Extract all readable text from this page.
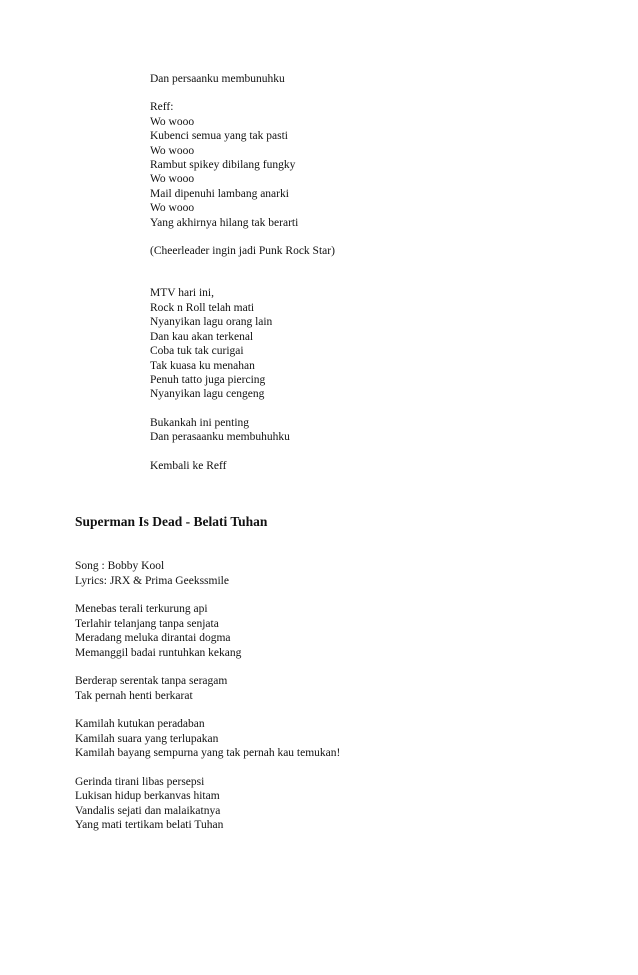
Dan persaanku membunuhku
Reff:
Wo wooo
Kubenci semua yang tak pasti
Wo wooo
Rambut spikey dibilang fungky
Wo wooo
Mail dipenuhi lambang anarki
Wo wooo
Yang akhirnya hilang tak berarti
(Cheerleader ingin jadi Punk Rock Star)
MTV hari ini,
Rock n Roll telah mati
Nyanyikan lagu orang lain
Dan kau akan terkenal
Coba tuk tak curigai
Tak kuasa ku menahan
Penuh tatto juga piercing
Nyanyikan lagu cengeng
Bukankah ini penting
Dan perasaanku membuhuhku
Kembali ke Reff
Superman Is Dead - Belati Tuhan
Song : Bobby Kool
Lyrics: JRX & Prima Geekssmile
Menebas terali terkurung api
Terlahir telanjang tanpa senjata
Meradang meluka dirantai dogma
Memanggil badai runtuhkan kekang
Berderap serentak tanpa seragam
Tak pernah henti berkarat
Kamilah kutukan peradaban
Kamilah suara yang terlupakan
Kamilah bayang sempurna yang tak pernah kau temukan!
Gerinda tirani libas persepsi
Lukisan hidup berkanvas hitam
Vandalis sejati dan malaikatnya
Yang mati tertikam belati Tuhan
